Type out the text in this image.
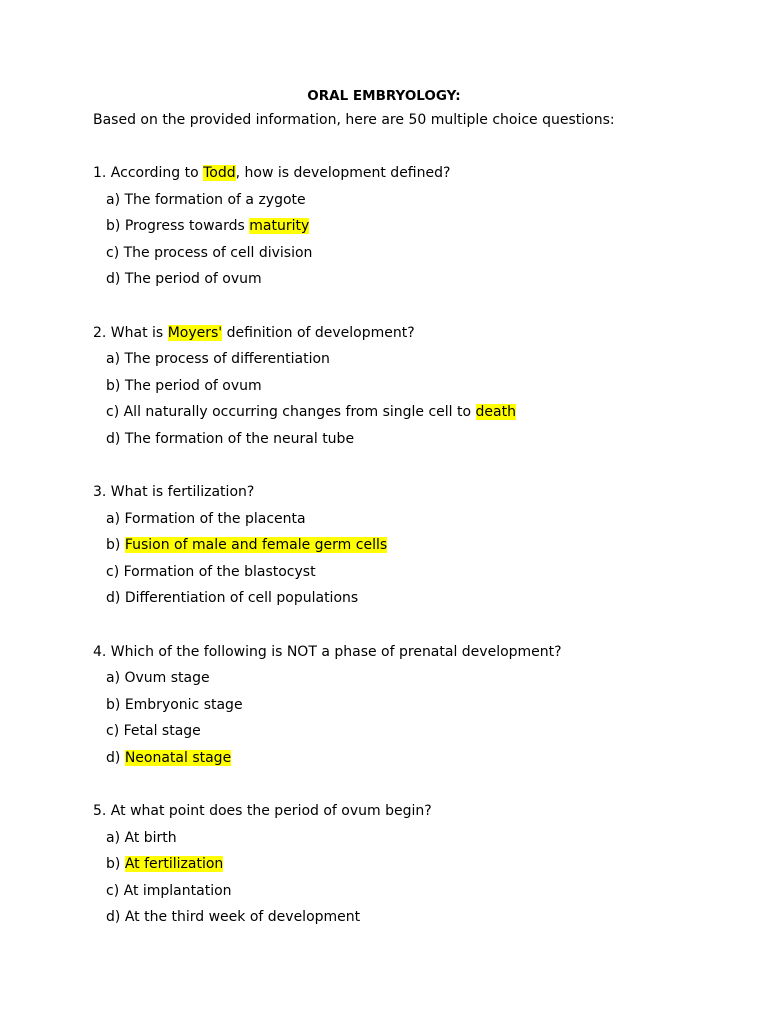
ORAL EMBRYOLOGY:
Based on the provided information, here are 50 multiple choice questions:
1. According to Todd, how is development defined?
a) The formation of a zygote
b) Progress towards maturity
c) The process of cell division
d) The period of ovum
2. What is Moyers' definition of development?
a) The process of differentiation
b) The period of ovum
c) All naturally occurring changes from single cell to death
d) The formation of the neural tube
3. What is fertilization?
a) Formation of the placenta
b) Fusion of male and female germ cells
c) Formation of the blastocyst
d) Differentiation of cell populations
4. Which of the following is NOT a phase of prenatal development?
a) Ovum stage
b) Embryonic stage
c) Fetal stage
d) Neonatal stage
5. At what point does the period of ovum begin?
a) At birth
b) At fertilization
c) At implantation
d) At the third week of development
